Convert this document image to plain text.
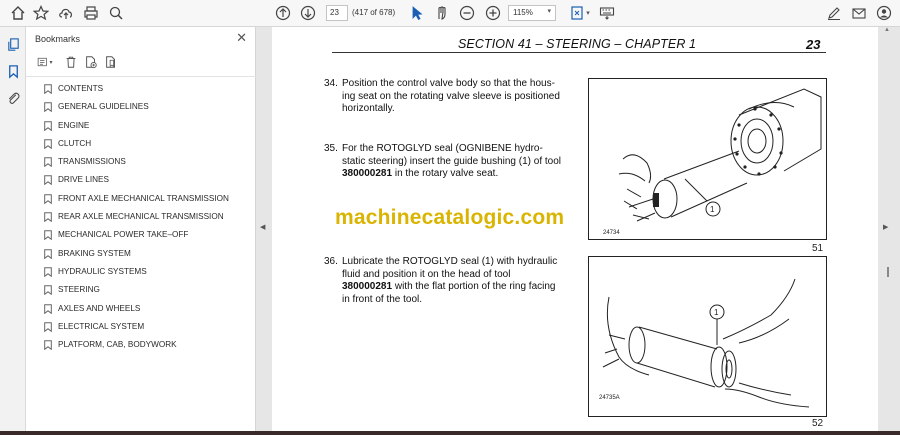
23	(417 of 678)	115% ▾	▾
Bookmarks	✕
▾
CONTENTS
GENERAL GUIDELINES
ENGINE
CLUTCH
TRANSMISSIONS
DRIVE LINES
FRONT AXLE MECHANICAL TRANSMISSION
REAR AXLE MECHANICAL TRANSMISSION
MECHANICAL POWER TAKE–OFF
BRAKING SYSTEM
HYDRAULIC SYSTEMS
STEERING
AXLES AND WHEELS
ELECTRICAL SYSTEM
PLATFORM, CAB, BODYWORK
◀
SECTION 41 – STEERING – CHAPTER 1	23
34. Position the control valve body so that the hous-
ing seat on the rotating valve sleeve is positioned
horizontally.
35. For the ROTOGLYD seal (OGNIBENE hydro-
static steering) insert the guide bushing (1) of tool
380000281 in the rotary valve seat.
machinecatalogic.com
36. Lubricate the ROTOGLYD seal (1) with hydraulic
fluid and position it on the head of tool
380000281 with the flat portion of the ring facing
in front of the tool.
24734
1
51
24735A
1
52
▲
▶
